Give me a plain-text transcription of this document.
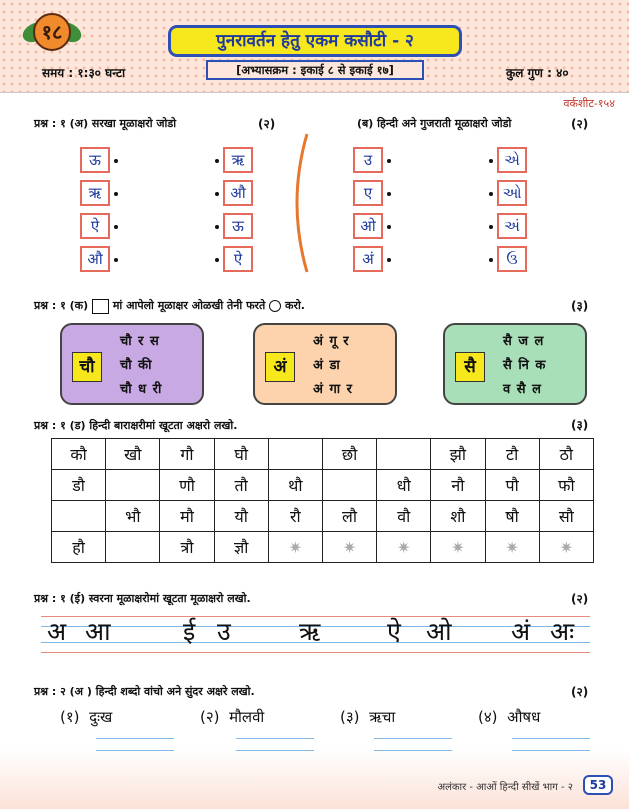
१८	पुनरावर्तन हेतु एकम कसौटी - २
समय : १:३० घन्टा	[अभ्यासक्रम : इकाई ८ से इकाई १७]	कुल गुण : ४०
वर्कशीट-१५४
प्रश्न : १ (अ) सरखा मूळाक्षरो जोडो	(२)	(ब) हिन्दी अने गुजराती मूळाक्षरो जोडो	(२)
ऊ
ऋ
ऐ
औ
ऋ
औ
ऊ
ऐ
उ
ए
ओ
अं
એ
ઓ
અં
ઉ
प्रश्न : १ (क) मां आपेलो मूळाक्षर ओळखी तेनी फरते करो.	(३)
चौ
चौ र स
चौ की
चौ ध री
अं
अं गू र
अं डा
अं गा र
सै
सै ज ल
सै नि क
व सै ल
प्रश्न : १ (ड) हिन्दी बाराक्षरीमां खूटता अक्षरो लखो.	(३)
कौ	खौ	गौ	घौ		छौ		झौ	टौ	ठौ
डौ		णौ	तौ	थौ		धौ	नौ	पौ	फौ
	भौ	मौ	यौ	रौ	लौ	वौ	शौ	षौ	सौ
हौ		त्रौ	ज्ञौ	✷	✷	✷	✷	✷	✷
प्रश्न : १ (ई) स्वरना मूळाक्षरोमां खूटता मूळाक्षरो लखो.	(२)
अ आ	ई उ	ऋ	ऐ ओ अं अः
प्रश्न : २ (अ ) हिन्दी शब्दो वांचो अने सुंदर अक्षरे लखो.	(२)
(१) दुःख	(२) मौलवी	(३) ऋचा	(४) औषध
अलंकार - आओं हिन्दी सीखें भाग - २	53
